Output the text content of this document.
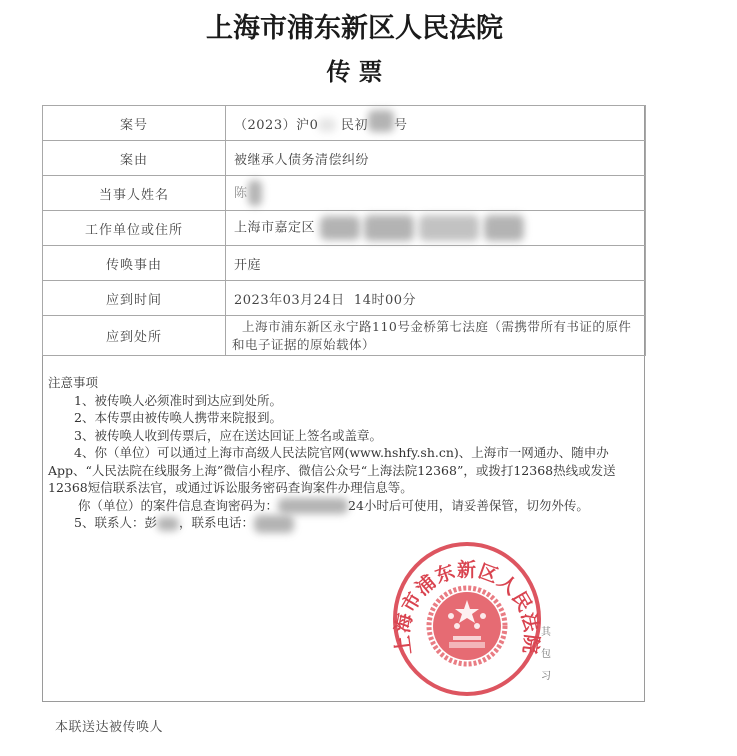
上海市浦东新区人民法院
传票
案号	（2023）沪0 民初 号
案由	被继承人债务清偿纠纷
当事人姓名	陈
工作单位或住所	上海市嘉定区
传唤事由	开庭
应到时间	2023年03月24日  14时00分
应到处所	上海市浦东新区永宁路110号金桥第七法庭（需携带所有书证的原件和电子证据的原始载体）
注意事项
1、被传唤人必须准时到达应到处所。
2、本传票由被传唤人携带来院报到。
3、被传唤人收到传票后，应在送达回证上签名或盖章。
4、你（单位）可以通过上海市高级人民法院官网(www.hshfy.sh.cn)、上海市一网通办、随申办App、“人民法院在线服务上海”微信小程序、微信公众号“上海法院12368”，或拨打12368热线或发送12368短信联系法官，或通过诉讼服务密码查询案件办理信息等。
你（单位）的案件信息查询密码为：	24小时后可使用，请妥善保管，切勿外传。
5、联系人：彭 ，联系电话：
上海市浦东新区人民法院
其
包
习
本联送达被传唤人
